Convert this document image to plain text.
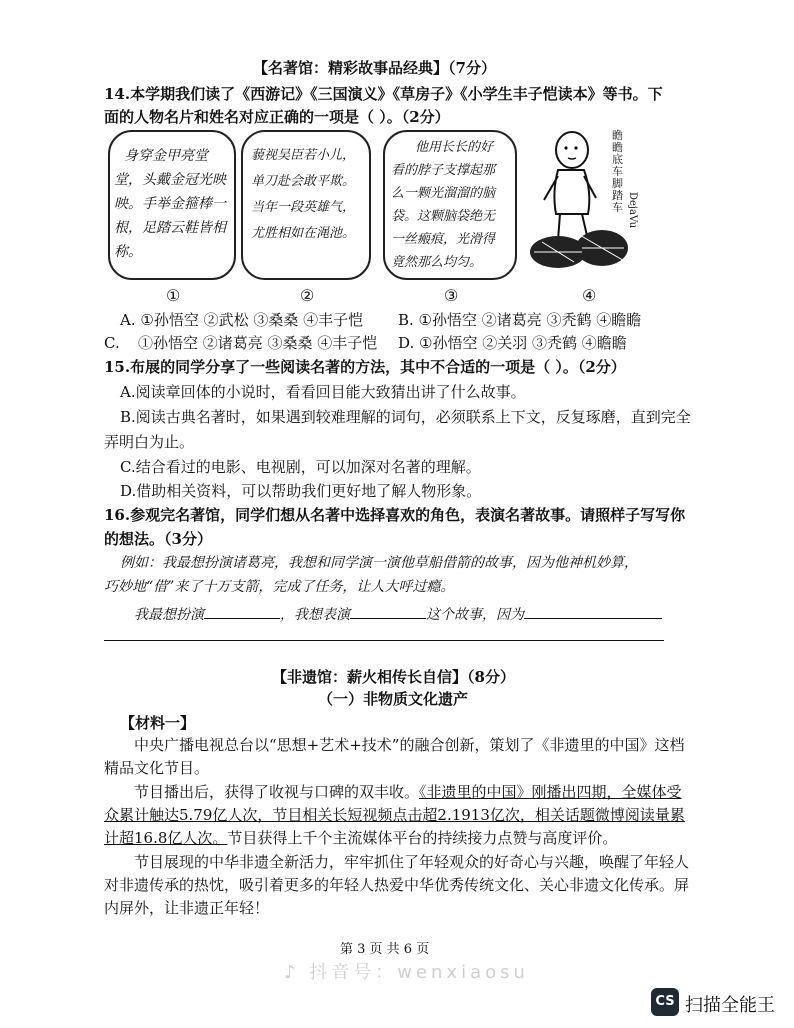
【名著馆：精彩故事品经典】（7分）
14.本学期我们读了《西游记》《三国演义》《草房子》《小学生丰子恺读本》等书。下
面的人物名片和姓名对应正确的一项是（ ）。（2分）
身穿金甲亮堂
堂，头戴金冠光映
映。手举金箍棒一
根，足踏云鞋皆相
称。
藐视吴臣若小儿，
单刀赴会敢平欺。
当年一段英雄气，
尤胜相如在渑池。
他用长长的好
看的脖子支撑起那
么一颗光溜溜的脑
袋。这颗脑袋绝无
一丝瘢痕，光滑得
竟然那么均匀。
DejaVu
瞻瞻底车 脚踏车
①	②	③	④
A. ①孙悟空 ②武松 ③桑桑 ④丰子恺 B. ①孙悟空 ②诸葛亮 ③秃鹤 ④瞻瞻
C. ①孙悟空 ②诸葛亮 ③桑桑 ④丰子恺 D. ①孙悟空 ②关羽 ③秃鹤 ④瞻瞻
15.布展的同学分享了一些阅读名著的方法，其中不合适的一项是（ ）。（2分）
A.阅读章回体的小说时，看看回目能大致猜出讲了什么故事。
B.阅读古典名著时，如果遇到较难理解的词句，必须联系上下文，反复琢磨，直到完全
弄明白为止。
C.结合看过的电影、电视剧，可以加深对名著的理解。
D.借助相关资料，可以帮助我们更好地了解人物形象。
16.参观完名著馆，同学们想从名著中选择喜欢的角色，表演名著故事。请照样子写写你
的想法。（3分）
例如：我最想扮演诸葛亮，我想和同学演一演他草船借箭的故事，因为他神机妙算，
巧妙地“借”来了十万支箭，完成了任务，让人大呼过瘾。
我最想扮演	，我想表演	这个故事，因为
【非遗馆：薪火相传长自信】（8分）
（一）非物质文化遗产
【材料一】
中央广播电视总台以“思想+艺术+技术”的融合创新，策划了《非遗里的中国》这档
精品文化节目。
节目播出后，获得了收视与口碑的双丰收。《非遗里的中国》刚播出四期，全媒体受
众累计触达5.79亿人次，节目相关长短视频点击超2.1913亿次，相关话题微博阅读量累
计超16.8亿人次。节目获得上千个主流媒体平台的持续接力点赞与高度评价。
节目展现的中华非遗全新活力，牢牢抓住了年轻观众的好奇心与兴趣，唤醒了年轻人
对非遗传承的热忱，吸引着更多的年轻人热爱中华优秀传统文化、关心非遗文化传承。屏
内屏外，让非遗正年轻！
第 3 页 共 6 页
♪ 抖音号：wenxiaosu
CS 扫描全能王
